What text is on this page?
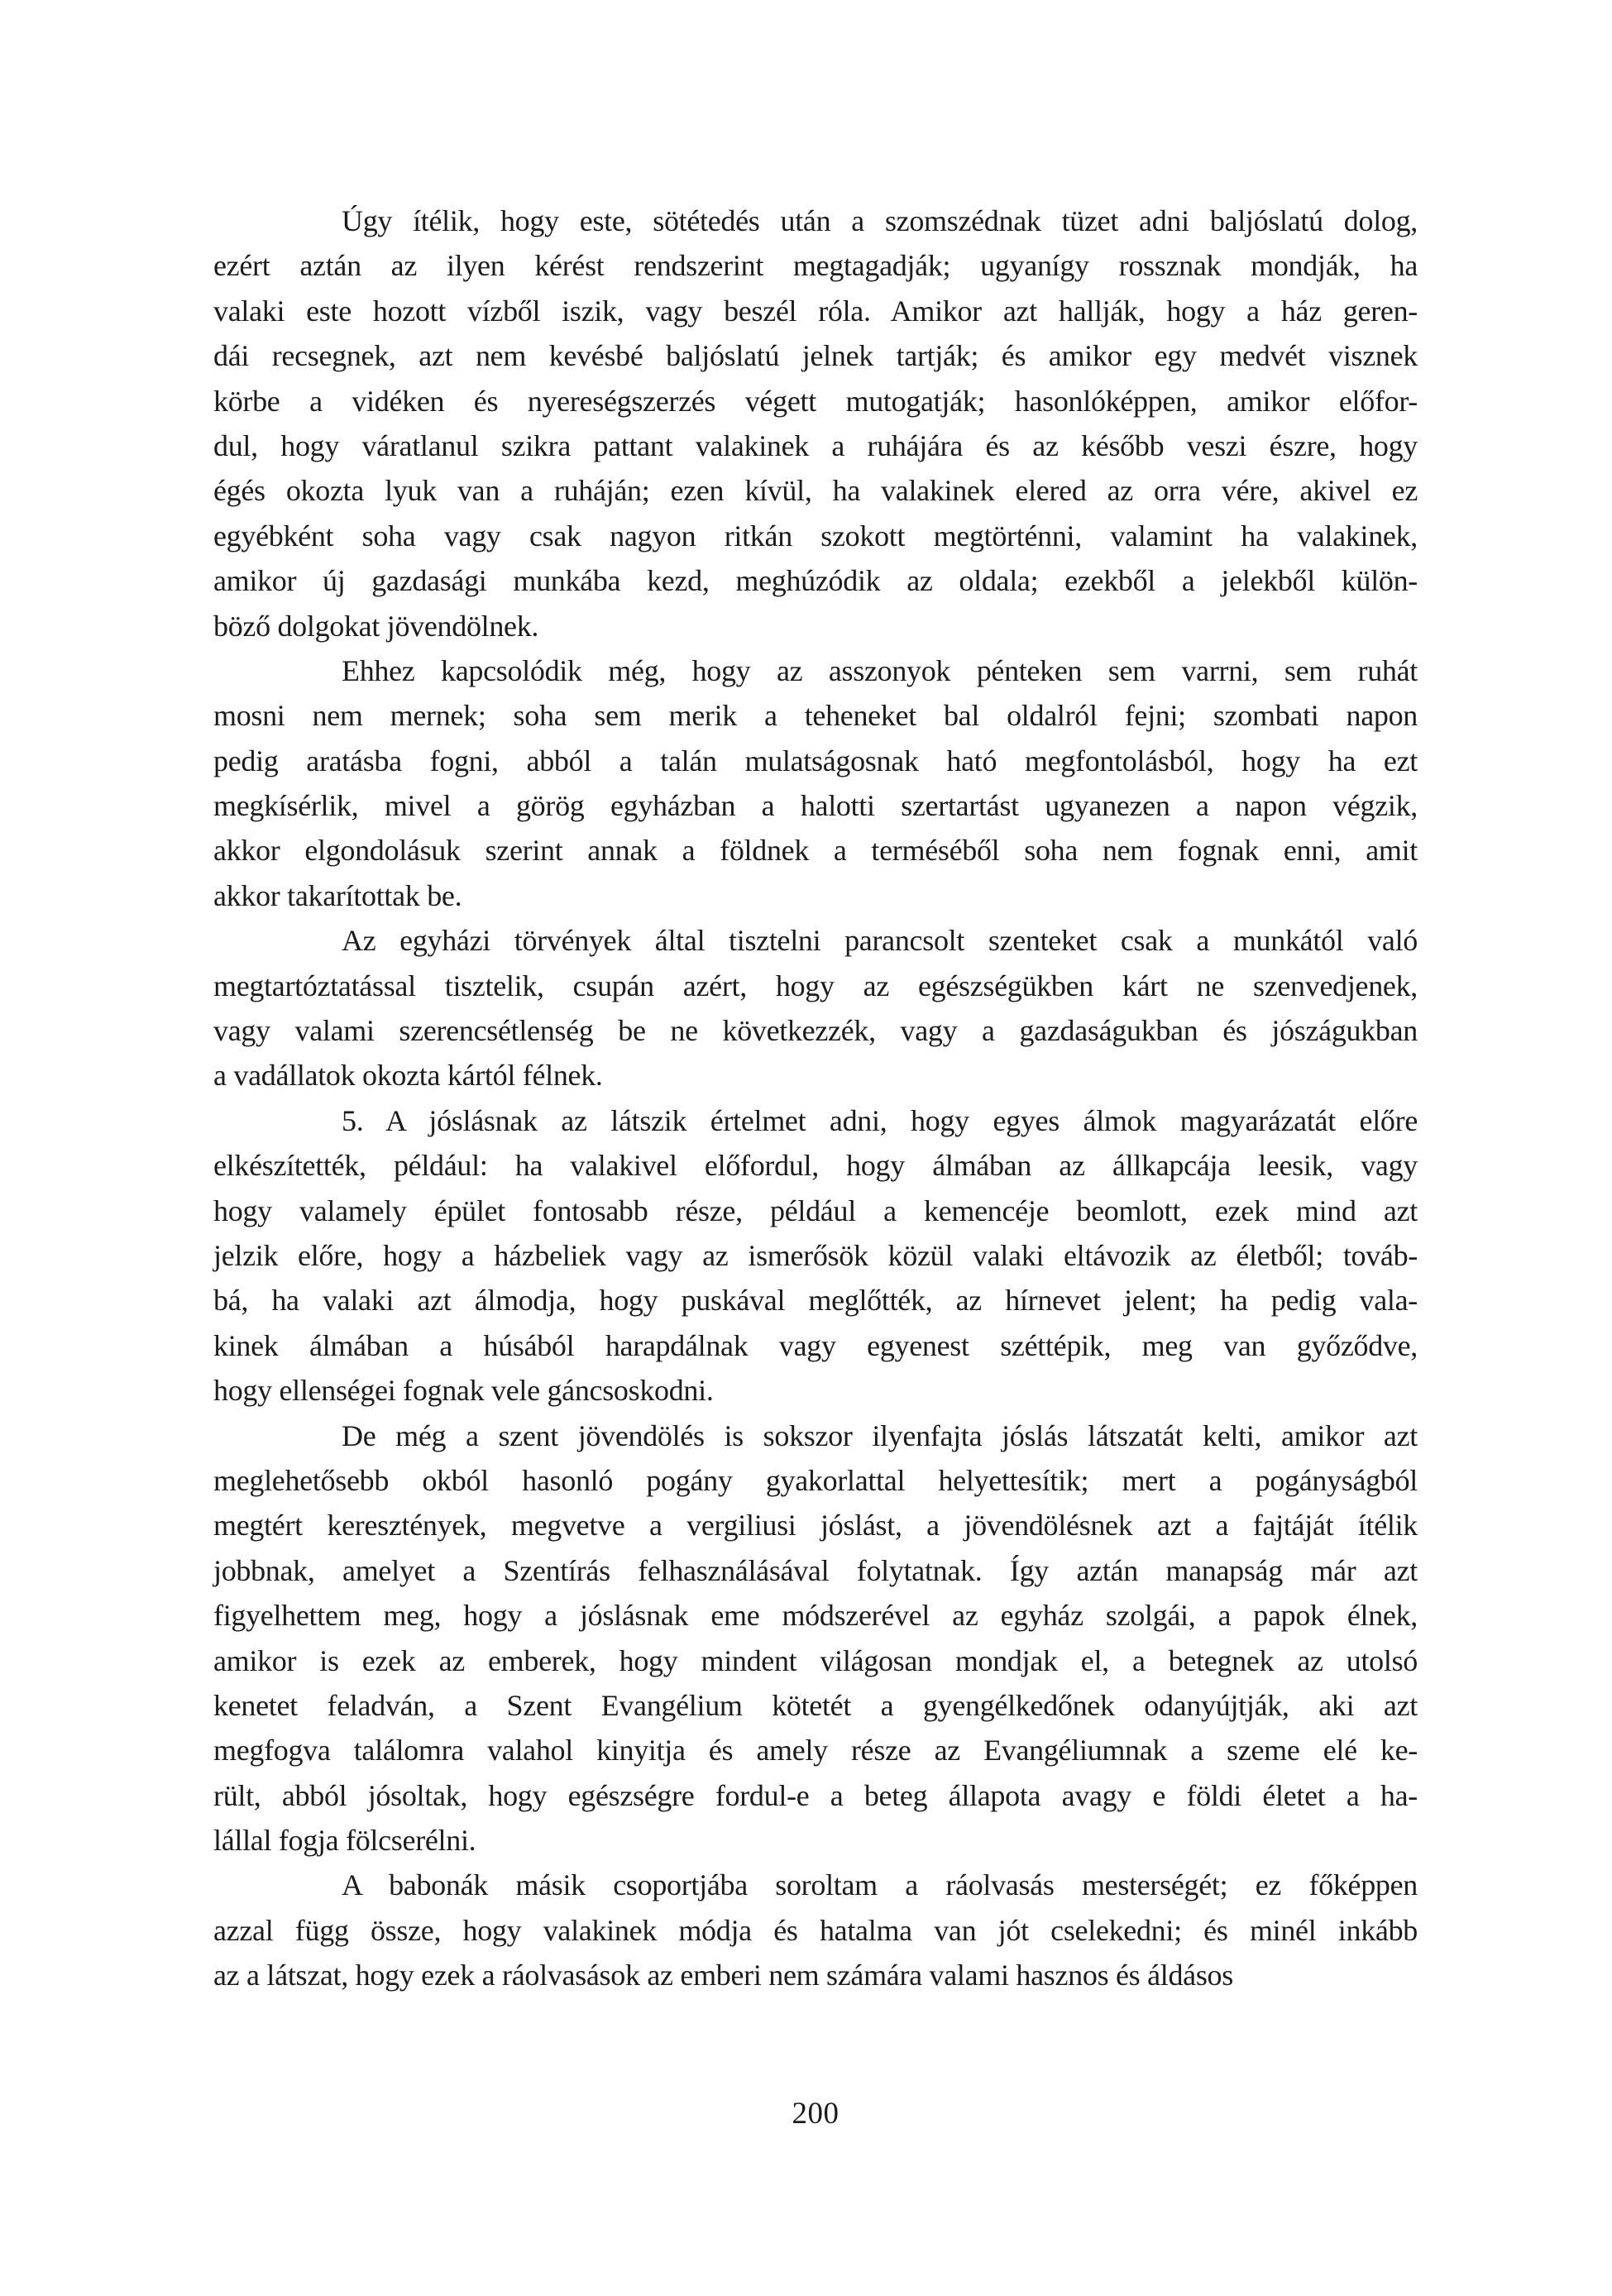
Úgy ítélik, hogy este, sötétedés után a szomszédnak tüzet adni baljóslatú dolog,
ezért aztán az ilyen kérést rendszerint megtagadják; ugyanígy rossznak mondják, ha
valaki este hozott vízből iszik, vagy beszél róla. Amikor azt hallják, hogy a ház geren-
dái recsegnek, azt nem kevésbé baljóslatú jelnek tartják; és amikor egy medvét visznek
körbe a vidéken és nyereségszerzés végett mutogatják; hasonlóképpen, amikor előfor-
dul, hogy váratlanul szikra pattant valakinek a ruhájára és az később veszi észre, hogy
égés okozta lyuk van a ruháján; ezen kívül, ha valakinek elered az orra vére, akivel ez
egyébként soha vagy csak nagyon ritkán szokott megtörténni, valamint ha valakinek,
amikor új gazdasági munkába kezd, meghúzódik az oldala; ezekből a jelekből külön-
böző dolgokat jövendölnek.
Ehhez kapcsolódik még, hogy az asszonyok pénteken sem varrni, sem ruhát
mosni nem mernek; soha sem merik a teheneket bal oldalról fejni; szombati napon
pedig aratásba fogni, abból a talán mulatságosnak ható megfontolásból, hogy ha ezt
megkísérlik, mivel a görög egyházban a halotti szertartást ugyanezen a napon végzik,
akkor elgondolásuk szerint annak a földnek a terméséből soha nem fognak enni, amit
akkor takarítottak be.
Az egyházi törvények által tisztelni parancsolt szenteket csak a munkától való
megtartóztatással tisztelik, csupán azért, hogy az egészségükben kárt ne szenvedjenek,
vagy valami szerencsétlenség be ne következzék, vagy a gazdaságukban és jószágukban
a vadállatok okozta kártól félnek.
5. A jóslásnak az látszik értelmet adni, hogy egyes álmok magyarázatát előre
elkészítették, például: ha valakivel előfordul, hogy álmában az állkapcája leesik, vagy
hogy valamely épület fontosabb része, például a kemencéje beomlott, ezek mind azt
jelzik előre, hogy a házbeliek vagy az ismerősök közül valaki eltávozik az életből; továb-
bá, ha valaki azt álmodja, hogy puskával meglőtték, az hírnevet jelent; ha pedig vala-
kinek álmában a húsából harapdálnak vagy egyenest széttépik, meg van győződve,
hogy ellenségei fognak vele gáncsoskodni.
De még a szent jövendölés is sokszor ilyenfajta jóslás látszatát kelti, amikor azt
meglehetősebb okból hasonló pogány gyakorlattal helyettesítik; mert a pogányságból
megtért keresztények, megvetve a vergiliusi jóslást, a jövendölésnek azt a fajtáját ítélik
jobbnak, amelyet a Szentírás felhasználásával folytatnak. Így aztán manapság már azt
figyelhettem meg, hogy a jóslásnak eme módszerével az egyház szolgái, a papok élnek,
amikor is ezek az emberek, hogy mindent világosan mondjak el, a betegnek az utolsó
kenetet feladván, a Szent Evangélium kötetét a gyengélkedőnek odanyújtják, aki azt
megfogva találomra valahol kinyitja és amely része az Evangéliumnak a szeme elé ke-
rült, abból jósoltak, hogy egészségre fordul-e a beteg állapota avagy e földi életet a ha-
lállal fogja fölcserélni.
A babonák másik csoportjába soroltam a ráolvasás mesterségét; ez főképpen
azzal függ össze, hogy valakinek módja és hatalma van jót cselekedni; és minél inkább
az a látszat, hogy ezek a ráolvasások az emberi nem számára valami hasznos és áldásos
200
